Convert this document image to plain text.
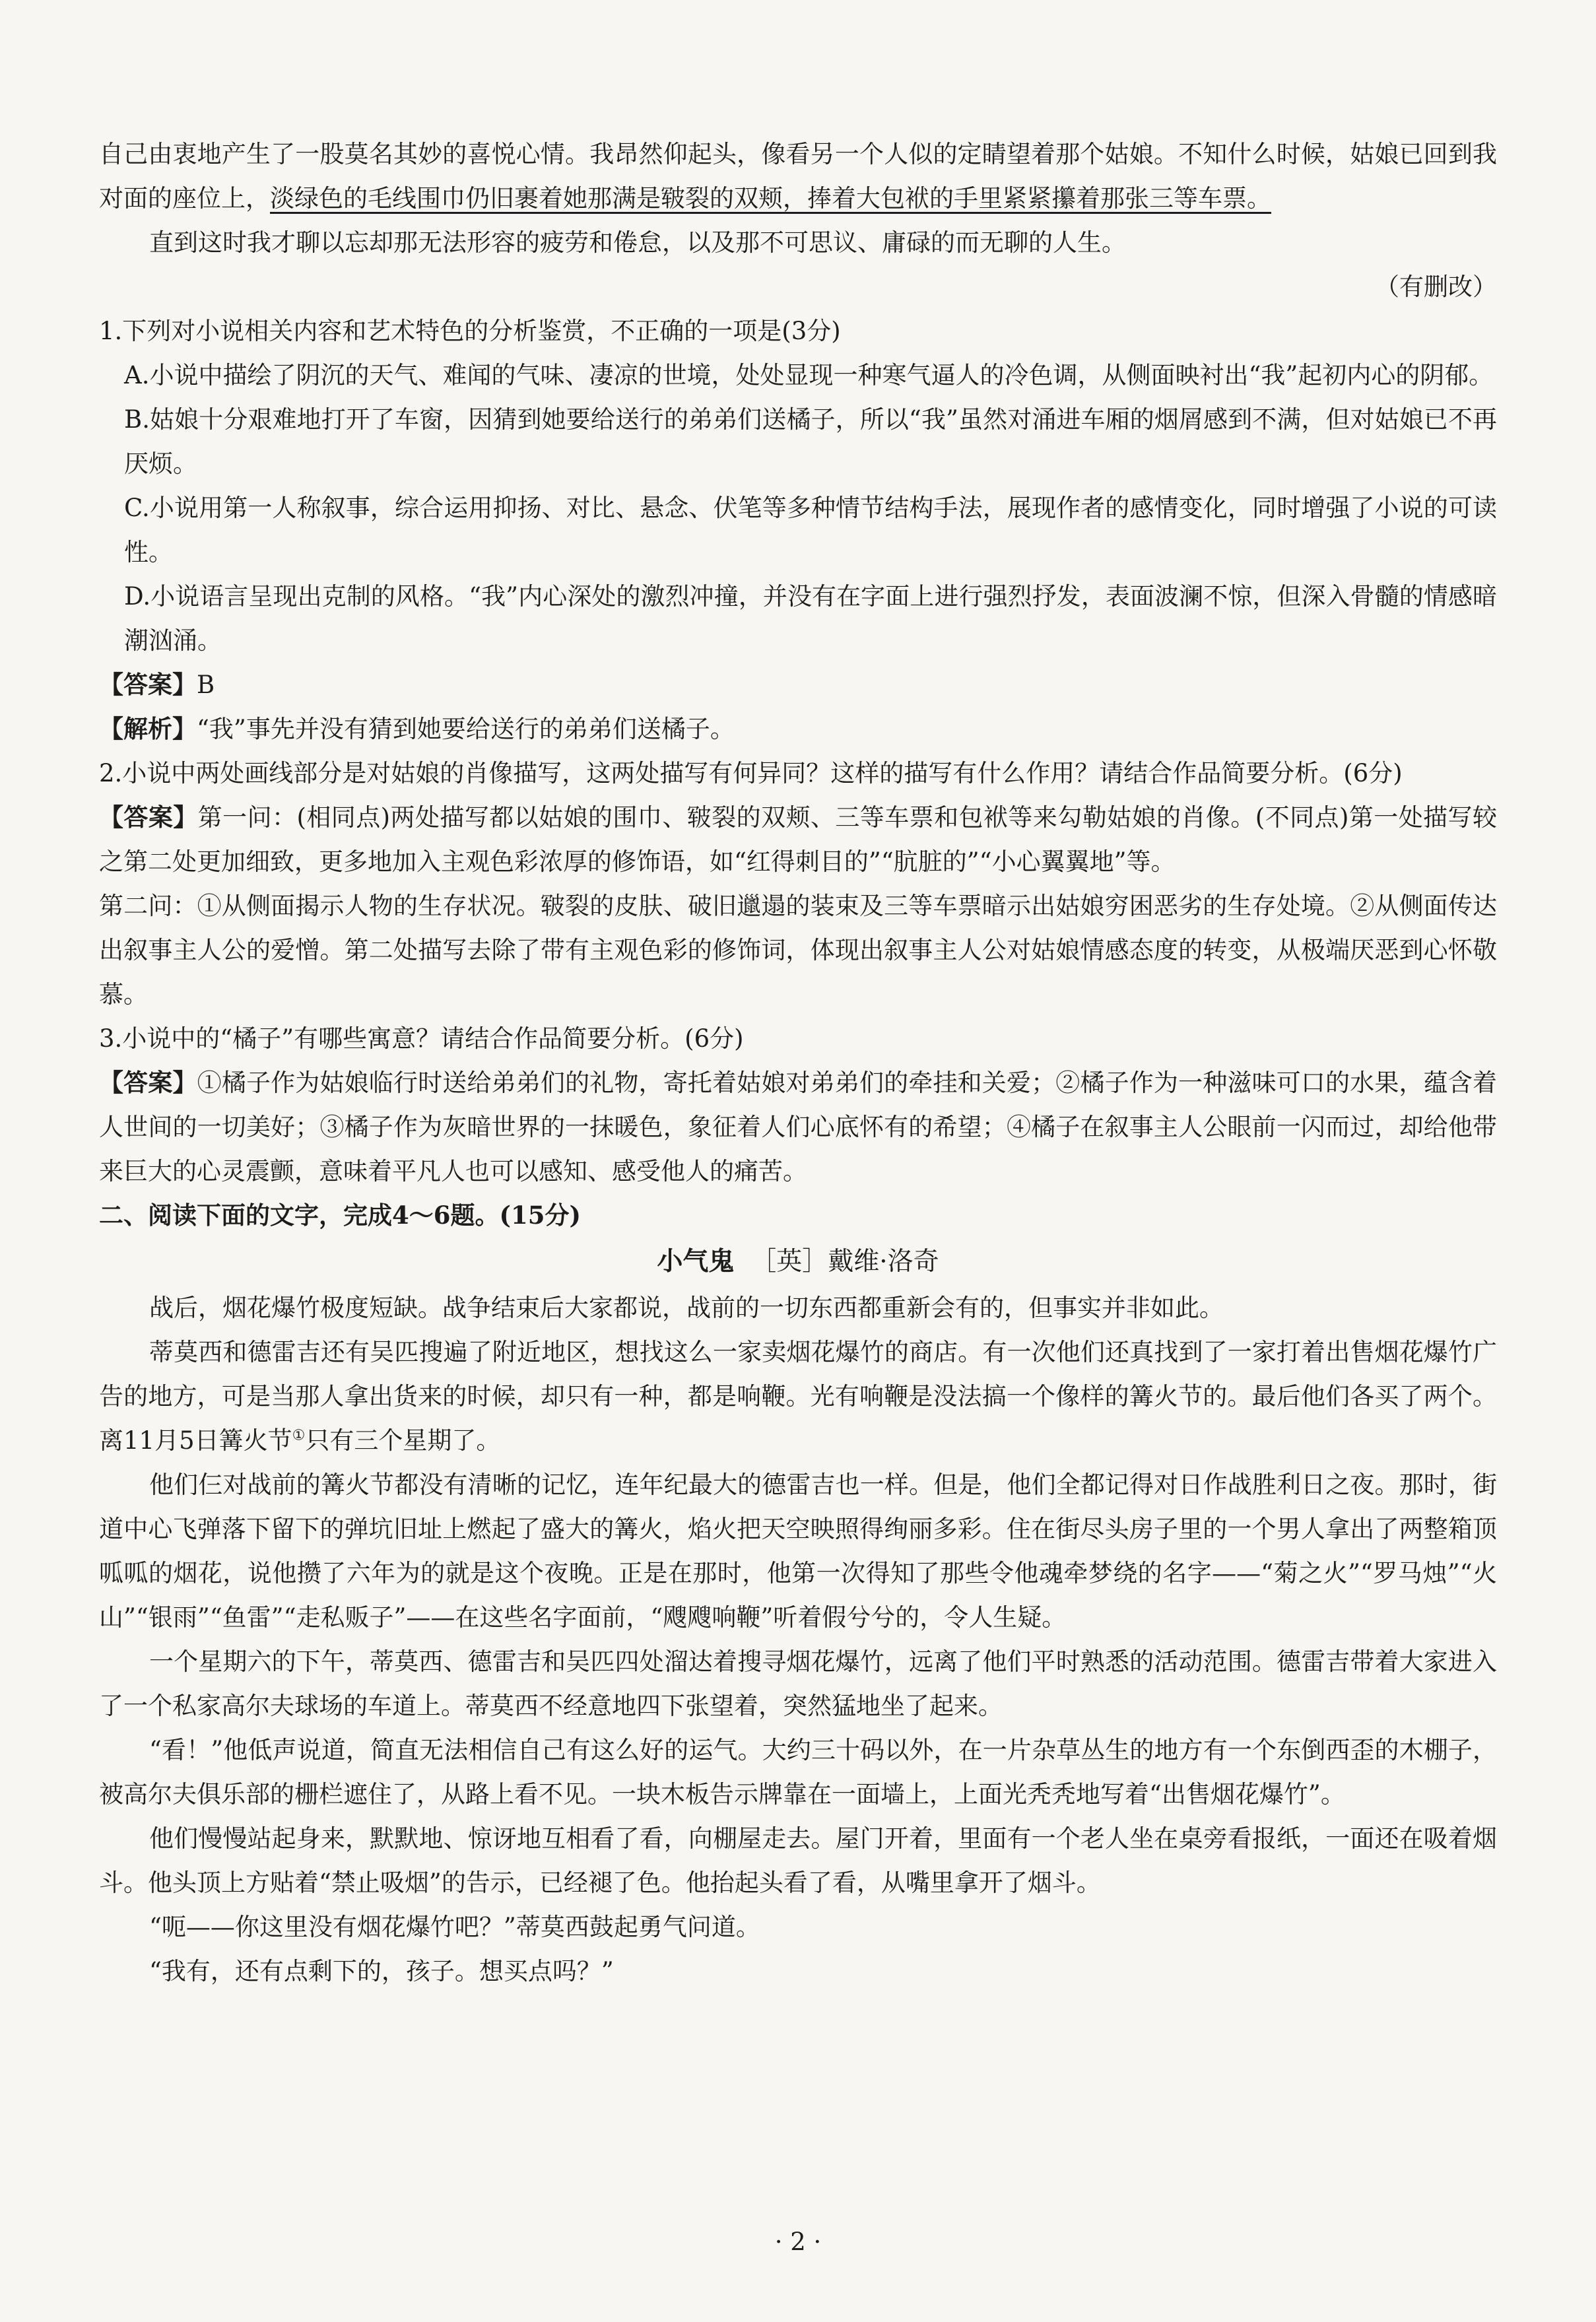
自己由衷地产生了一股莫名其妙的喜悦心情。我昂然仰起头，像看另一个人似的定睛望着那个姑娘。不知什么时候，姑娘已回到我对面的座位上，淡绿色的毛线围巾仍旧裹着她那满是皲裂的双颊，捧着大包袱的手里紧紧攥着那张三等车票。

直到这时我才聊以忘却那无法形容的疲劳和倦怠，以及那不可思议、庸碌的而无聊的人生。

（有删改）

1.下列对小说相关内容和艺术特色的分析鉴赏，不正确的一项是(3分)

A.小说中描绘了阴沉的天气、难闻的气味、凄凉的世境，处处显现一种寒气逼人的冷色调，从侧面映衬出“我”起初内心的阴郁。

B.姑娘十分艰难地打开了车窗，因猜到她要给送行的弟弟们送橘子，所以“我”虽然对涌进车厢的烟屑感到不满，但对姑娘已不再厌烦。

C.小说用第一人称叙事，综合运用抑扬、对比、悬念、伏笔等多种情节结构手法，展现作者的感情变化，同时增强了小说的可读性。

D.小说语言呈现出克制的风格。“我”内心深处的激烈冲撞，并没有在字面上进行强烈抒发，表面波澜不惊，但深入骨髓的情感暗潮汹涌。

【答案】B

【解析】“我”事先并没有猜到她要给送行的弟弟们送橘子。

2.小说中两处画线部分是对姑娘的肖像描写，这两处描写有何异同？这样的描写有什么作用？请结合作品简要分析。(6分)

【答案】第一问：(相同点)两处描写都以姑娘的围巾、皲裂的双颊、三等车票和包袱等来勾勒姑娘的肖像。(不同点)第一处描写较之第二处更加细致，更多地加入主观色彩浓厚的修饰语，如“红得刺目的”“肮脏的”“小心翼翼地”等。

第二问：①从侧面揭示人物的生存状况。皲裂的皮肤、破旧邋遢的装束及三等车票暗示出姑娘穷困恶劣的生存处境。②从侧面传达出叙事主人公的爱憎。第二处描写去除了带有主观色彩的修饰词，体现出叙事主人公对姑娘情感态度的转变，从极端厌恶到心怀敬慕。

3.小说中的“橘子”有哪些寓意？请结合作品简要分析。(6分)

【答案】①橘子作为姑娘临行时送给弟弟们的礼物，寄托着姑娘对弟弟们的牵挂和关爱；②橘子作为一种滋味可口的水果，蕴含着人世间的一切美好；③橘子作为灰暗世界的一抹暖色，象征着人们心底怀有的希望；④橘子在叙事主人公眼前一闪而过，却给他带来巨大的心灵震颤，意味着平凡人也可以感知、感受他人的痛苦。

二、阅读下面的文字，完成4～6题。(15分)

小气鬼 ［英］戴维·洛奇

战后，烟花爆竹极度短缺。战争结束后大家都说，战前的一切东西都重新会有的，但事实并非如此。

蒂莫西和德雷吉还有吴匹搜遍了附近地区，想找这么一家卖烟花爆竹的商店。有一次他们还真找到了一家打着出售烟花爆竹广告的地方，可是当那人拿出货来的时候，却只有一种，都是响鞭。光有响鞭是没法搞一个像样的篝火节的。最后他们各买了两个。离11月5日篝火节①只有三个星期了。

他们仨对战前的篝火节都没有清晰的记忆，连年纪最大的德雷吉也一样。但是，他们全都记得对日作战胜利日之夜。那时，街道中心飞弹落下留下的弹坑旧址上燃起了盛大的篝火，焰火把天空映照得绚丽多彩。住在街尽头房子里的一个男人拿出了两整箱顶呱呱的烟花，说他攒了六年为的就是这个夜晚。正是在那时，他第一次得知了那些令他魂牵梦绕的名字——“菊之火”“罗马烛”“火山”“银雨”“鱼雷”“走私贩子”——在这些名字面前，“飕飕响鞭”听着假兮兮的，令人生疑。

一个星期六的下午，蒂莫西、德雷吉和吴匹四处溜达着搜寻烟花爆竹，远离了他们平时熟悉的活动范围。德雷吉带着大家进入了一个私家高尔夫球场的车道上。蒂莫西不经意地四下张望着，突然猛地坐了起来。

“看！”他低声说道，简直无法相信自己有这么好的运气。大约三十码以外，在一片杂草丛生的地方有一个东倒西歪的木棚子，被高尔夫俱乐部的栅栏遮住了，从路上看不见。一块木板告示牌靠在一面墙上，上面光秃秃地写着“出售烟花爆竹”。

他们慢慢站起身来，默默地、惊讶地互相看了看，向棚屋走去。屋门开着，里面有一个老人坐在桌旁看报纸，一面还在吸着烟斗。他头顶上方贴着“禁止吸烟”的告示，已经褪了色。他抬起头看了看，从嘴里拿开了烟斗。

“呃——你这里没有烟花爆竹吧？”蒂莫西鼓起勇气问道。

“我有，还有点剩下的，孩子。想买点吗？”

· 2 ·
